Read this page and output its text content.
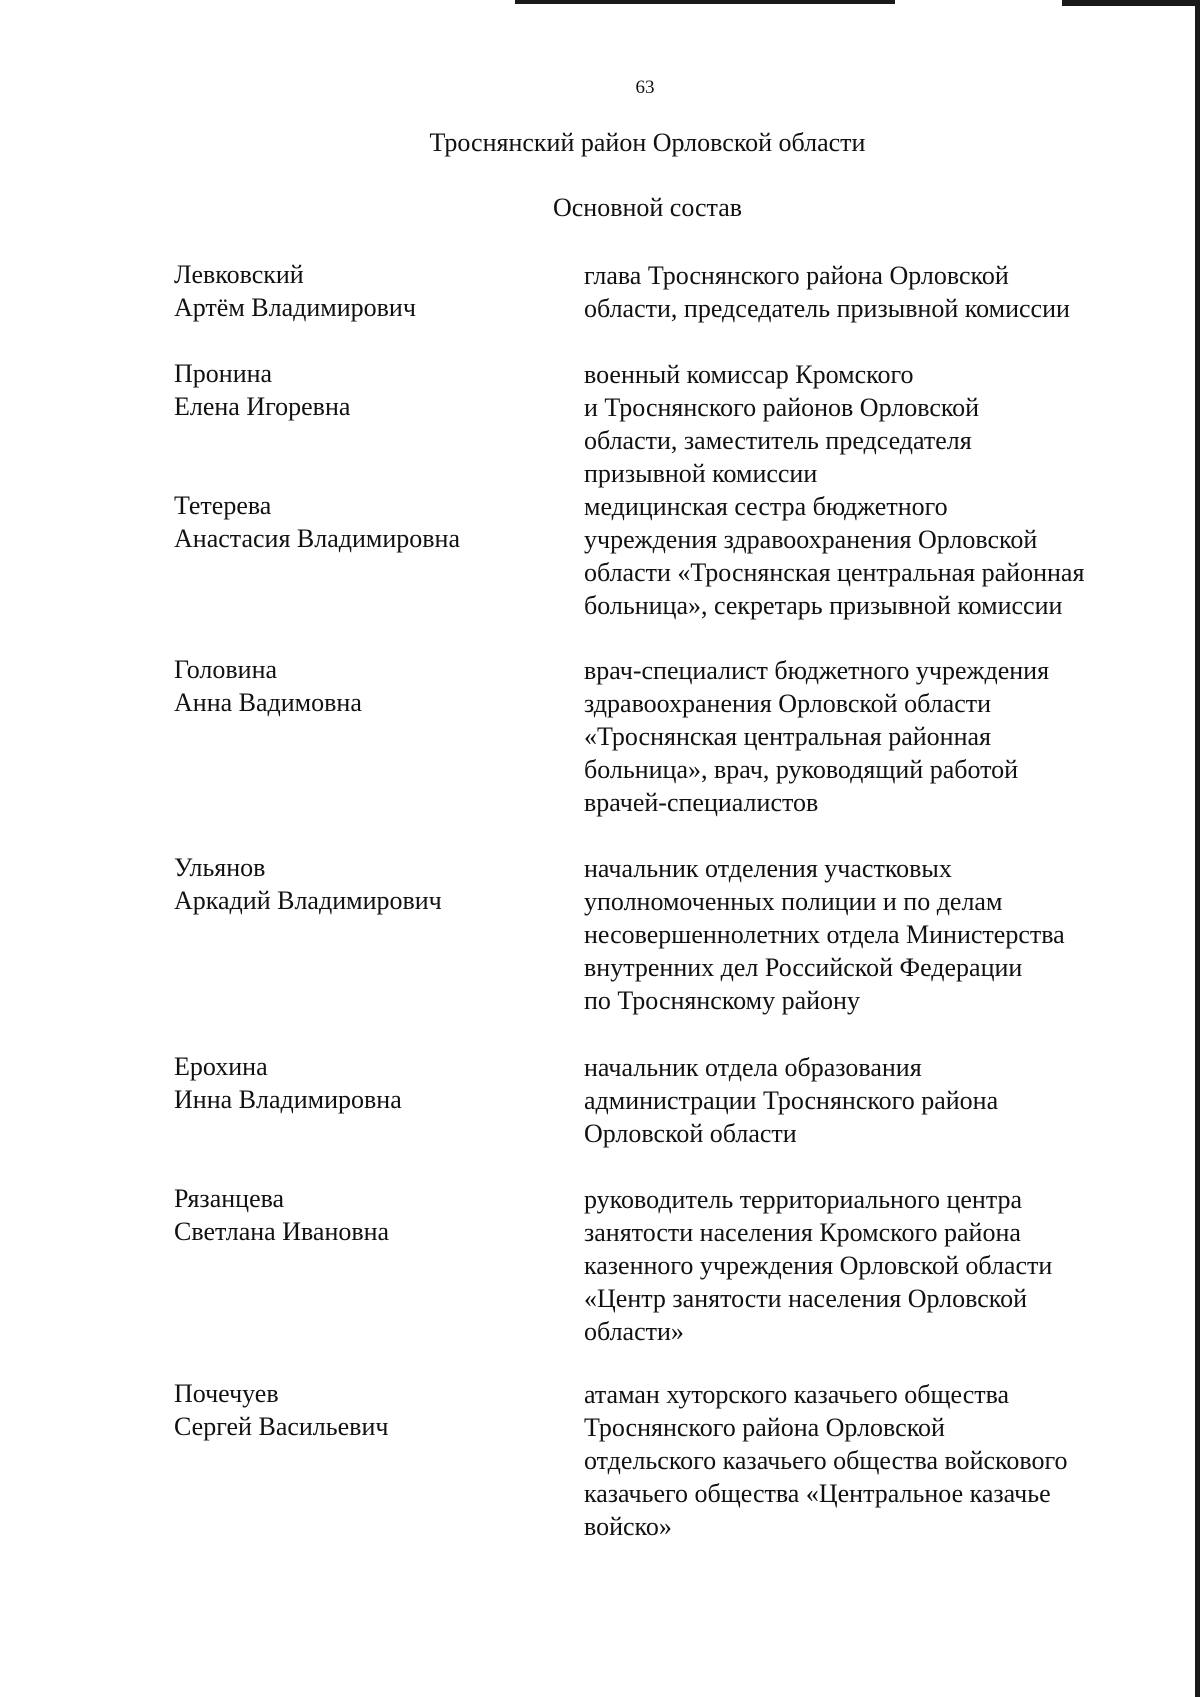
63
Троснянский район Орловской области
Основной состав
Левковский
Артём Владимирович
глава Троснянского района Орловской
области, председатель призывной комиссии
Пронина
Елена Игоревна
военный комиссар Кромского
и Троснянского районов Орловской
области, заместитель председателя
призывной комиссии
Тетерева
Анастасия Владимировна
медицинская сестра бюджетного
учреждения здравоохранения Орловской
области «Троснянская центральная районная
больница», секретарь призывной комиссии
Головина
Анна Вадимовна
врач-специалист бюджетного учреждения
здравоохранения Орловской области
«Троснянская центральная районная
больница», врач, руководящий работой
врачей-специалистов
Ульянов
Аркадий Владимирович
начальник отделения участковых
уполномоченных полиции и по делам
несовершеннолетних отдела Министерства
внутренних дел Российской Федерации
по Троснянскому району
Ерохина
Инна Владимировна
начальник отдела образования
администрации Троснянского района
Орловской области
Рязанцева
Светлана Ивановна
руководитель территориального центра
занятости населения Кромского района
казенного учреждения Орловской области
«Центр занятости населения Орловской
области»
Почечуев
Сергей Васильевич
атаман хуторского казачьего общества
Троснянского района Орловской
отдельского казачьего общества войскового
казачьего общества «Центральное казачье
войско»
